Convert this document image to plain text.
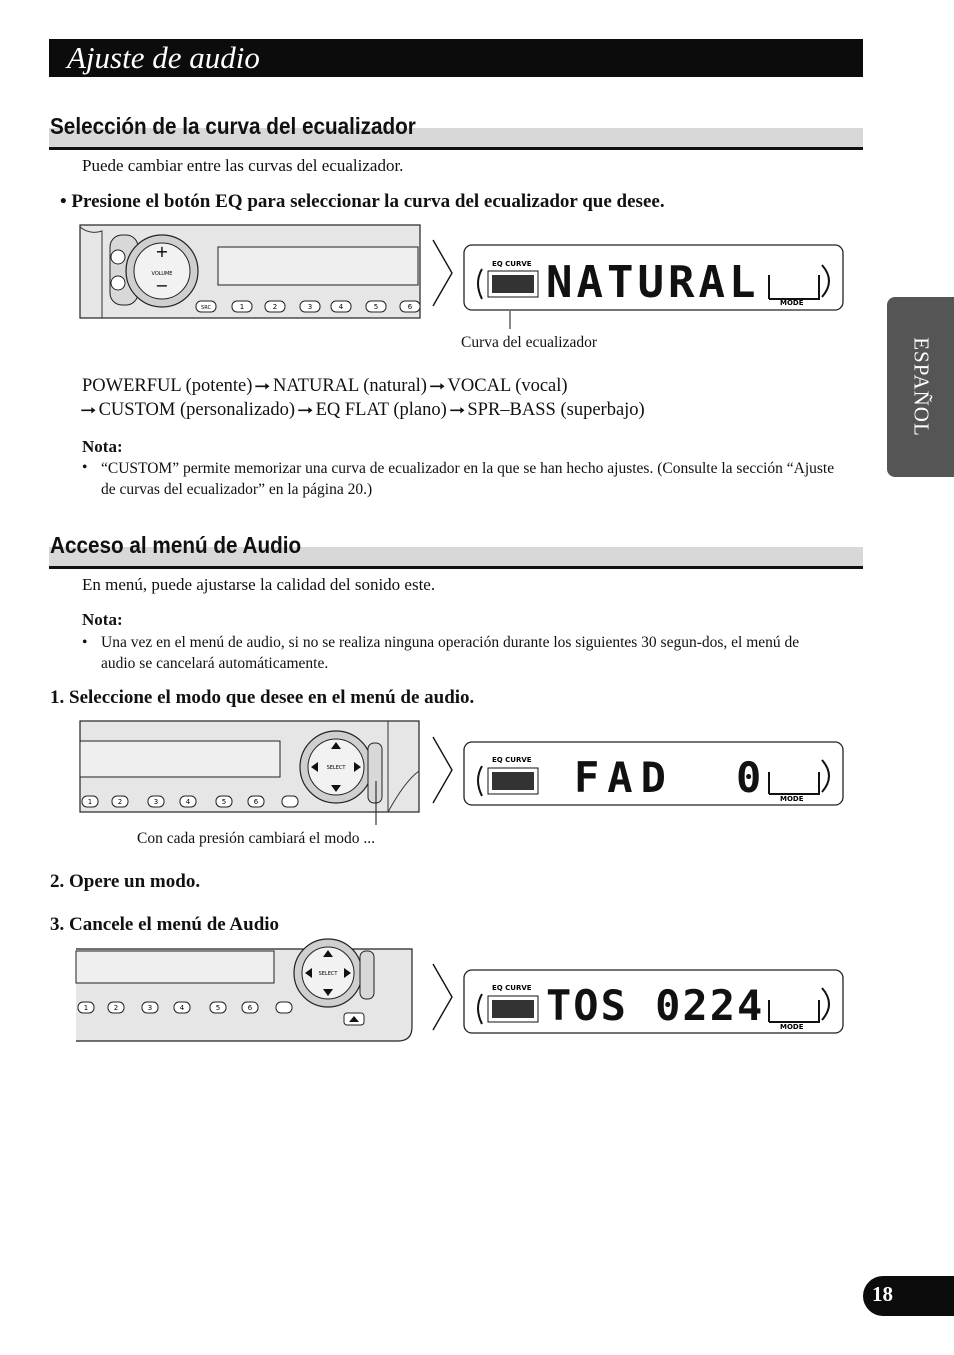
Ajuste de audio
ESPAÑOL
Selección de la curva del ecualizador
Puede cambiar entre las curvas del ecualizador.
• Presione el botón EQ para seleccionar la curva del ecualizador que desee.
+
VOLUME
−
SRC	1	2	3	4	5	6
EQ CURVE NATURAL	MODE
Curva del ecualizador
POWERFUL (potente) ➞ NATURAL (natural) ➞ VOCAL (vocal)
➞ CUSTOM (personalizado) ➞ EQ FLAT (plano) ➞ SPR–BASS (superbajo)
Nota:
• “CUSTOM” permite memorizar una curva de ecualizador en la que se han hecho ajustes. (Consulte la sección “Ajuste de curvas del ecualizador” en la página 20.)
Acceso al menú de Audio
En menú, puede ajustarse la calidad del sonido este.
Nota:
• Una vez en el menú de audio, si no se realiza ninguna operación durante los siguientes 30 segun-dos, el menú de audio se cancelará automáticamente.
1. Seleccione el modo que desee en el menú de audio.
SELECT
1	2	3	4	5	6
EQ CURVE FAD 0	MODE
Con cada presión cambiará el modo ...
2. Opere un modo.
3. Cancele el menú de Audio
SELECT
1	2	3	4	5	6
EQ CURVE TOS 0224 MODE
18
